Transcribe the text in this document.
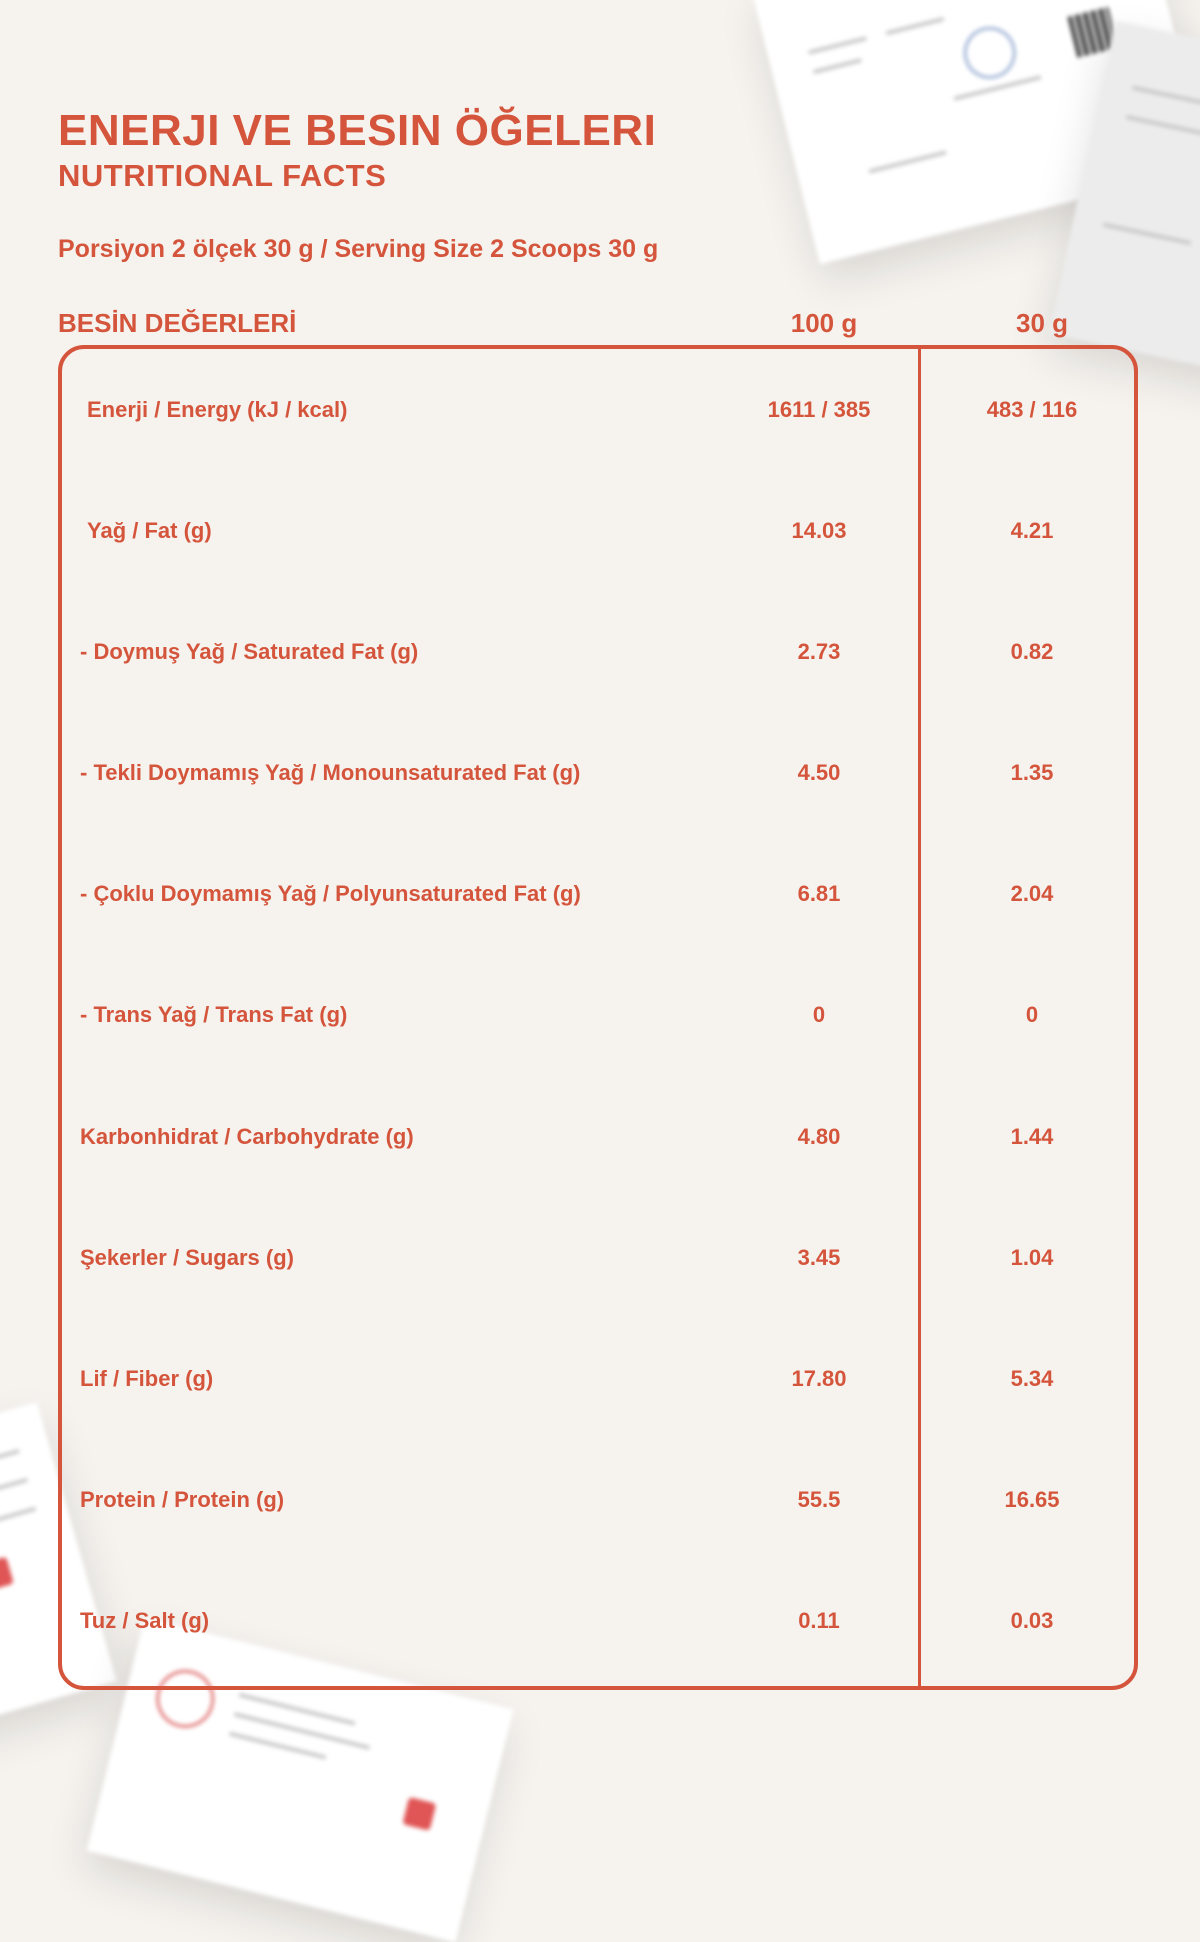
ENERJI VE BESIN ÖĞELERI
NUTRITIONAL FACTS

Porsiyon 2 ölçek 30 g / Serving Size 2 Scoops 30 g

BESİN DEĞERLERİ	100 g	30 g
Enerji / Energy (kJ / kcal)	1611 / 385	483 / 116
Yağ / Fat (g)	14.03	4.21
- Doymuş Yağ / Saturated Fat (g)	2.73	0.82
- Tekli Doymamış Yağ / Monounsaturated Fat (g)	4.50	1.35
- Çoklu Doymamış Yağ / Polyunsaturated Fat (g)	6.81	2.04
- Trans Yağ / Trans Fat (g)	0	0
Karbonhidrat / Carbohydrate (g)	4.80	1.44
Şekerler / Sugars (g)	3.45	1.04
Lif / Fiber (g)	17.80	5.34
Protein / Protein (g)	55.5	16.65
Tuz / Salt (g)	0.11	0.03
